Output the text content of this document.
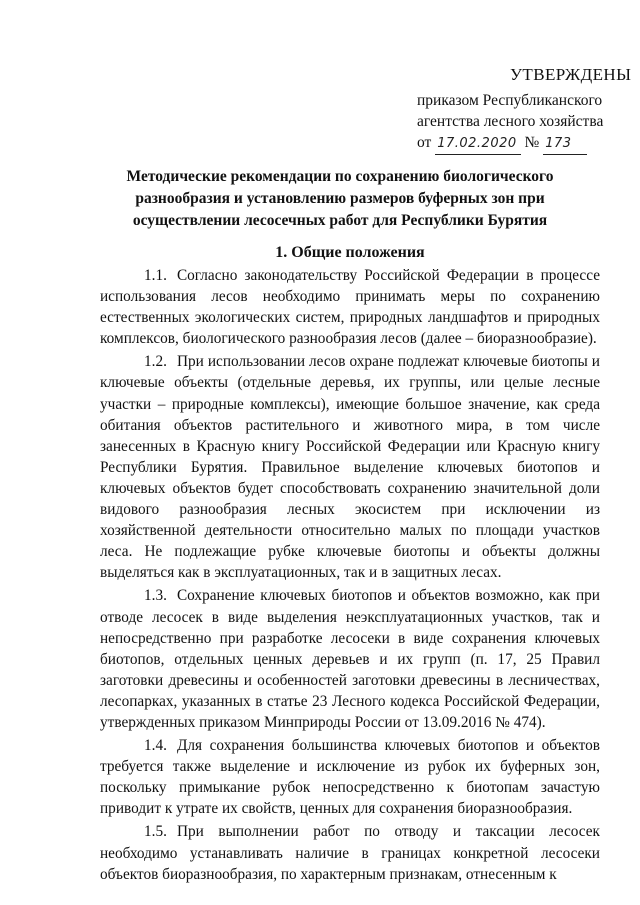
УТВЕРЖДЕНЫ
приказом Республиканского
агентства лесного хозяйства
от 17.02.2020 № 173
Методические рекомендации по сохранению биологического
разнообразия и установлению размеров буферных зон при
осуществлении лесосечных работ для Республики Бурятия
1. Общие положения

1.1. Согласно законодательству Российской Федерации в процессе использования лесов необходимо принимать меры по сохранению естественных экологических систем, природных ландшафтов и природных комплексов, биологического разнообразия лесов (далее – биоразнообразие).

1.2. При использовании лесов охране подлежат ключевые биотопы и ключевые объекты (отдельные деревья, их группы, или целые лесные участки – природные комплексы), имеющие большое значение, как среда обитания объектов растительного и животного мира, в том числе занесенных в Красную книгу Российской Федерации или Красную книгу Республики Бурятия. Правильное выделение ключевых биотопов и ключевых объектов будет способствовать сохранению значительной доли видового разнообразия лесных экосистем при исключении из хозяйственной деятельности относительно малых по площади участков леса. Не подлежащие рубке ключевые биотопы и объекты должны выделяться как в эксплуатационных, так и в защитных лесах.

1.3. Сохранение ключевых биотопов и объектов возможно, как при отводе лесосек в виде выделения неэксплуатационных участков, так и непосредственно при разработке лесосеки в виде сохранения ключевых биотопов, отдельных ценных деревьев и их групп (п. 17, 25 Правил заготовки древесины и особенностей заготовки древесины в лесничествах, лесопарках, указанных в статье 23 Лесного кодекса Российской Федерации, утвержденных приказом Минприроды России от 13.09.2016 № 474).

1.4. Для сохранения большинства ключевых биотопов и объектов требуется также выделение и исключение из рубок их буферных зон, поскольку примыкание рубок непосредственно к биотопам зачастую приводит к утрате их свойств, ценных для сохранения биоразнообразия.

1.5. При выполнении работ по отводу и таксации лесосек необходимо устанавливать наличие в границах конкретной лесосеки объектов биоразнообразия, по характерным признакам, отнесенным к
